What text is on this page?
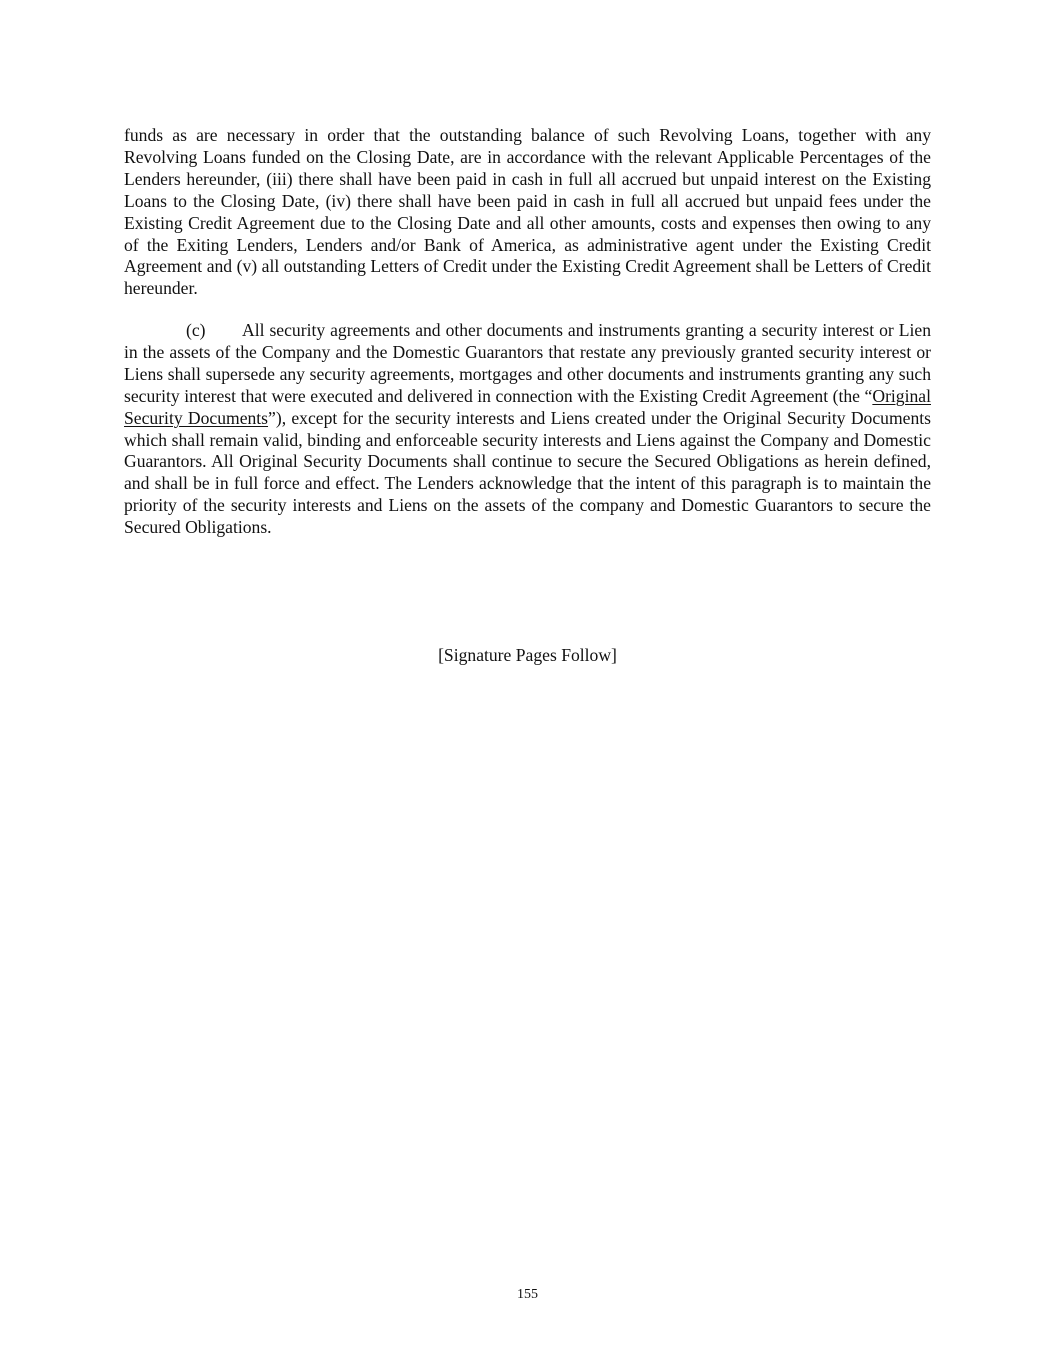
funds as are necessary in order that the outstanding balance of such Revolving Loans, together with any Revolving Loans funded on the Closing Date, are in accordance with the relevant Applicable Percentages of the Lenders hereunder, (iii) there shall have been paid in cash in full all accrued but unpaid interest on the Existing Loans to the Closing Date, (iv) there shall have been paid in cash in full all accrued but unpaid fees under the Existing Credit Agreement due to the Closing Date and all other amounts, costs and expenses then owing to any of the Exiting Lenders, Lenders and/or Bank of America, as administrative agent under the Existing Credit Agreement and (v) all outstanding Letters of Credit under the Existing Credit Agreement shall be Letters of Credit hereunder.

(c) All security agreements and other documents and instruments granting a security interest or Lien in the assets of the Company and the Domestic Guarantors that restate any previously granted security interest or Liens shall supersede any security agreements, mortgages and other documents and instruments granting any such security interest that were executed and delivered in connection with the Existing Credit Agreement (the “Original Security Documents”), except for the security interests and Liens created under the Original Security Documents which shall remain valid, binding and enforceable security interests and Liens against the Company and Domestic Guarantors. All Original Security Documents shall continue to secure the Secured Obligations as herein defined, and shall be in full force and effect. The Lenders acknowledge that the intent of this paragraph is to maintain the priority of the security interests and Liens on the assets of the company and Domestic Guarantors to secure the Secured Obligations.

[Signature Pages Follow]

155
